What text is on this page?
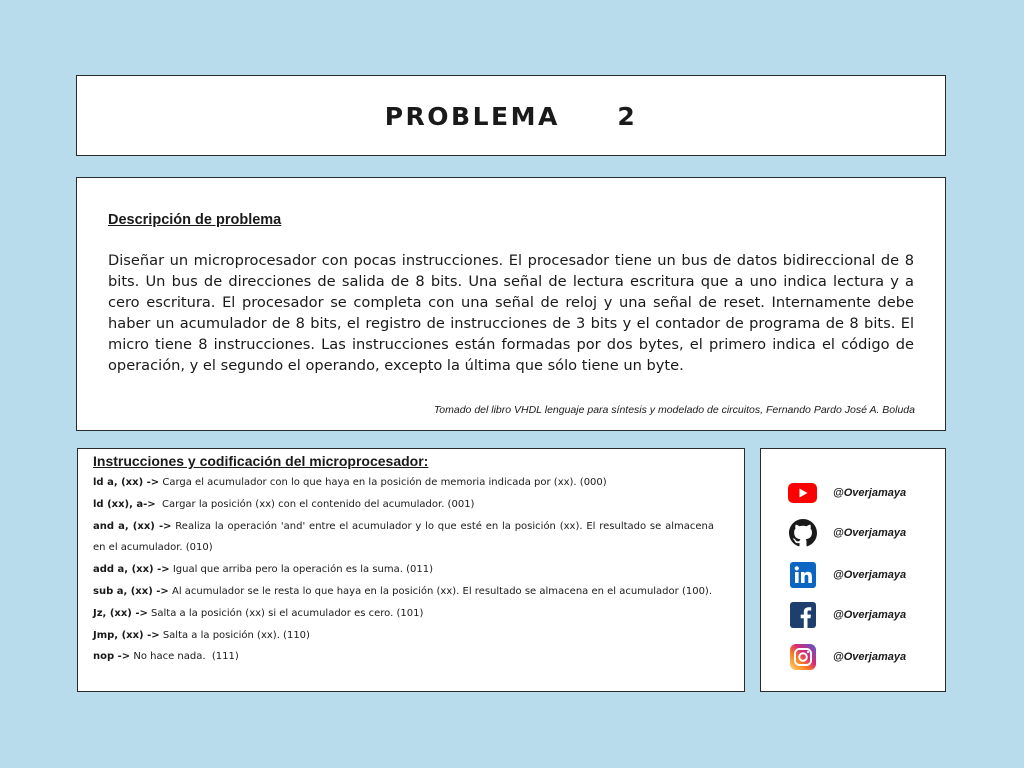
PROBLEMA   2
Descripción de problema
Diseñar un microprocesador con pocas instrucciones. El procesador tiene un bus de datos bidireccional de 8 bits. Un bus de direcciones de salida de 8 bits. Una señal de lectura escritura que a uno indica lectura y a cero escritura. El procesador se completa con una señal de reloj y una señal de reset. Internamente debe haber un acumulador de 8 bits, el registro de instrucciones de 3 bits y el contador de programa de 8 bits. El micro tiene 8 instrucciones. Las instrucciones están formadas por dos bytes, el primero indica el código de operación, y el segundo el operando, excepto la última que sólo tiene un byte.
Tomado del libro VHDL lenguaje para síntesis y modelado de circuitos, Fernando Pardo José A. Boluda
Instrucciones y codificación del microprocesador:
ld a, (xx) -> Carga el acumulador con lo que haya en la posición de memoria indicada por (xx). (000)
ld (xx), a->  Cargar la posición (xx) con el contenido del acumulador. (001)
and a, (xx) -> Realiza la operación 'and' entre el acumulador y lo que esté en la posición (xx). El resultado se almacena en el acumulador. (010)
add a, (xx) -> Igual que arriba pero la operación es la suma. (011)
sub a, (xx) -> Al acumulador se le resta lo que haya en la posición (xx). El resultado se almacena en el acumulador (100).
Jz, (xx) -> Salta a la posición (xx) si el acumulador es cero. (101)
Jmp, (xx) -> Salta a la posición (xx). (110)
nop -> No hace nada.  (111)
@Overjamaya
@Overjamaya
@Overjamaya
@Overjamaya
@Overjamaya
